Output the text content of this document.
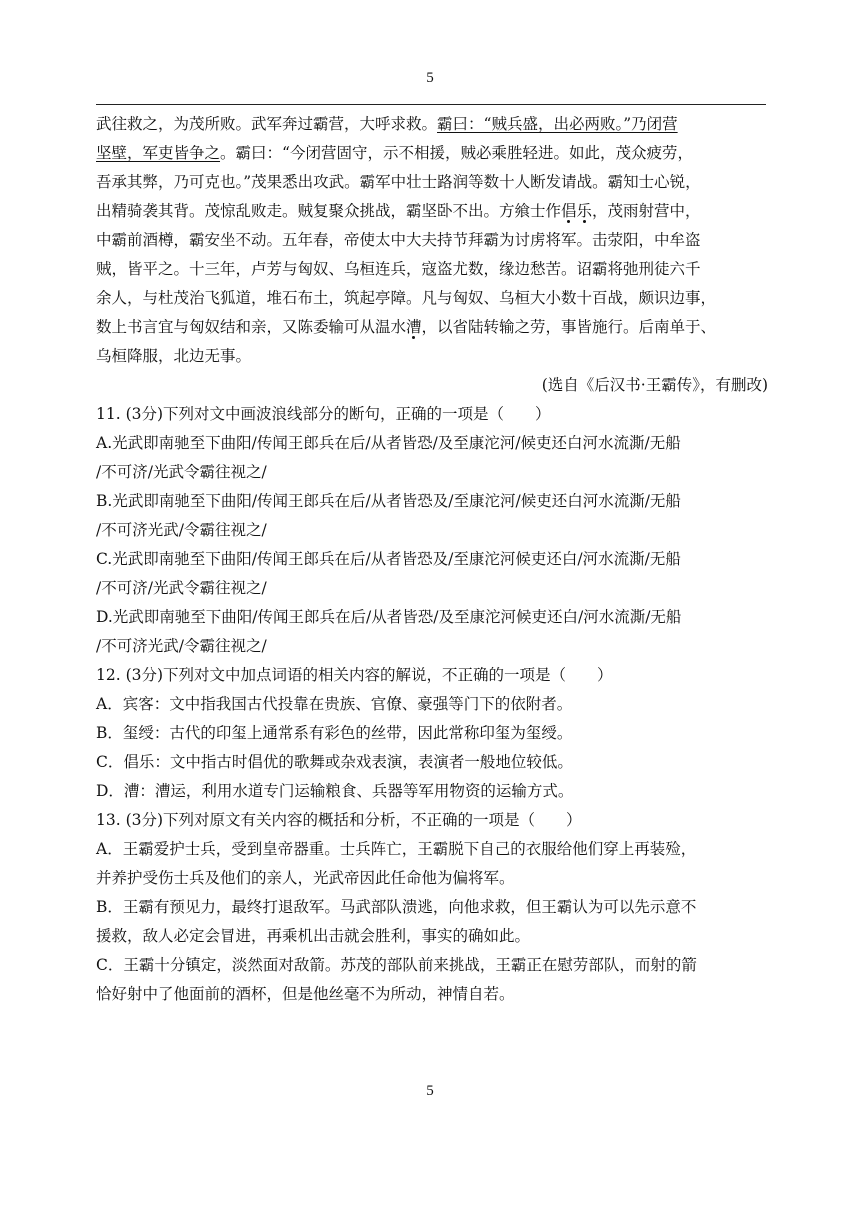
5
武往救之，为茂所败。武军奔过霸营，大呼求救。霸曰：“贼兵盛，出必两败。”乃闭营
坚壁，军吏皆争之。霸曰：“今闭营固守，示不相援，贼必乘胜轻进。如此，茂众疲劳，
吾承其弊，乃可克也。”茂果悉出攻武。霸军中壮士路润等数十人断发请战。霸知士心锐，
出精骑袭其背。茂惊乱败走。贼复聚众挑战，霸坚卧不出。方飨士作倡乐，茂雨射营中，
中霸前酒樽，霸安坐不动。五年春，帝使太中大夫持节拜霸为讨虏将军。击荥阳，中牟盗
贼，皆平之。十三年，卢芳与匈奴、乌桓连兵，寇盗尤数，缘边愁苦。诏霸将弛刑徒六千
余人，与杜茂治飞狐道，堆石布土，筑起亭障。凡与匈奴、乌桓大小数十百战，颇识边事，
数上书言宜与匈奴结和亲，又陈委输可从温水漕，以省陆转输之劳，事皆施行。后南单于、
乌桓降服，北边无事。
(选自《后汉书·王霸传》，有删改)
11. (3分)下列对文中画波浪线部分的断句，正确的一项是（　　）
A.光武即南驰至下曲阳/传闻王郎兵在后/从者皆恐/及至康沱河/候吏还白河水流澌/无船
/不可济/光武令霸往视之/
B.光武即南驰至下曲阳/传闻王郎兵在后/从者皆恐及/至康沱河/候吏还白河水流澌/无船
/不可济光武/令霸往视之/
C.光武即南驰至下曲阳/传闻王郎兵在后/从者皆恐及/至康沱河候吏还白/河水流澌/无船
/不可济/光武令霸往视之/
D.光武即南驰至下曲阳/传闻王郎兵在后/从者皆恐/及至康沱河候吏还白/河水流澌/无船
/不可济光武/令霸往视之/
12. (3分)下列对文中加点词语的相关内容的解说，不正确的一项是（　　）
A．宾客：文中指我国古代投靠在贵族、官僚、豪强等门下的依附者。
B．玺绶：古代的印玺上通常系有彩色的丝带，因此常称印玺为玺绶。
C．倡乐：文中指古时倡优的歌舞或杂戏表演，表演者一般地位较低。
D．漕：漕运，利用水道专门运输粮食、兵器等军用物资的运输方式。
13. (3分)下列对原文有关内容的概括和分析，不正确的一项是（　　）
A．王霸爱护士兵，受到皇帝器重。士兵阵亡，王霸脱下自己的衣服给他们穿上再装殓，
并养护受伤士兵及他们的亲人，光武帝因此任命他为偏将军。
B．王霸有预见力，最终打退敌军。马武部队溃逃，向他求救，但王霸认为可以先示意不
援救，敌人必定会冒进，再乘机出击就会胜利，事实的确如此。
C．王霸十分镇定，淡然面对敌箭。苏茂的部队前来挑战，王霸正在慰劳部队，而射的箭
恰好射中了他面前的酒杯，但是他丝毫不为所动，神情自若。
5
